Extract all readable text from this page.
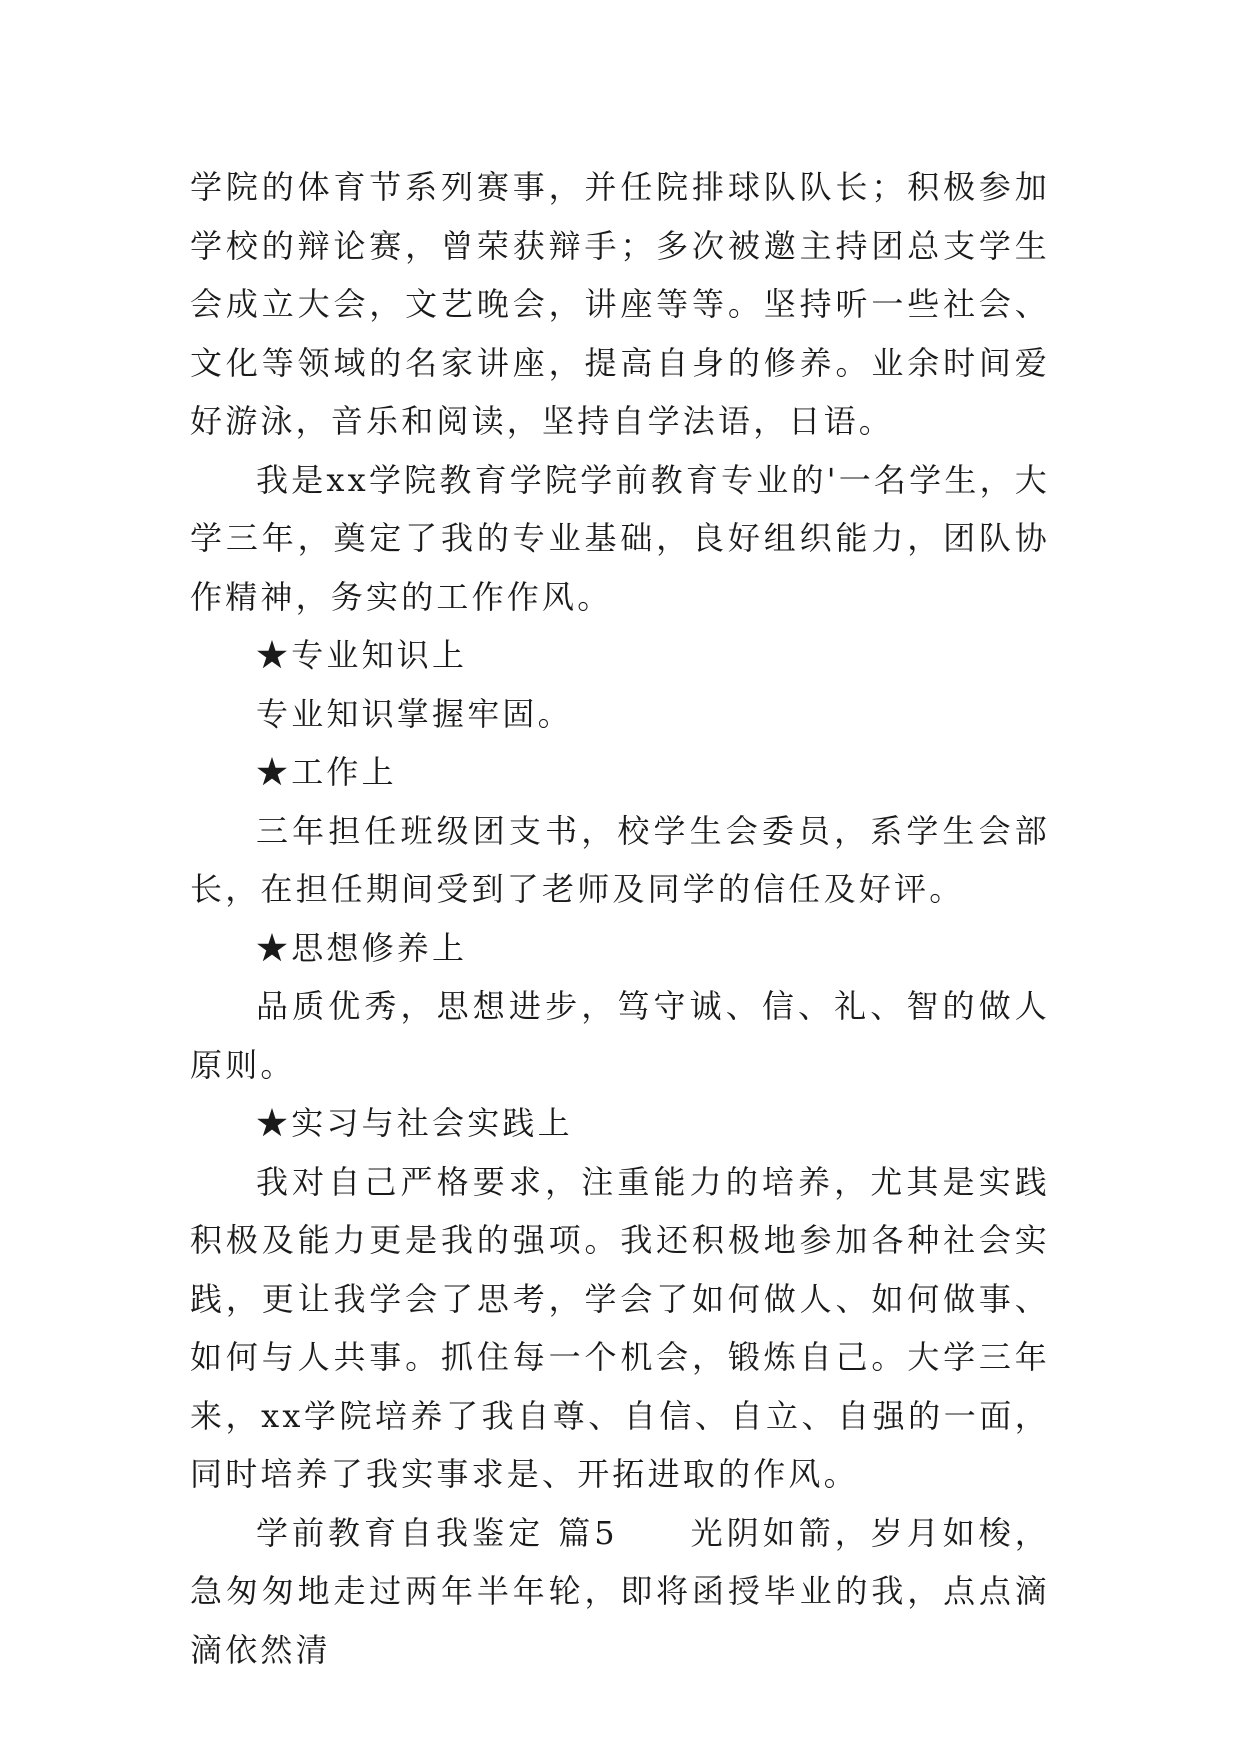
学院的体育节系列赛事，并任院排球队队长；积极参加学校的辩论赛，曾荣获辩手；多次被邀主持团总支学生会成立大会，文艺晚会，讲座等等。坚持听一些社会、文化等领域的名家讲座，提高自身的修养。业余时间爱好游泳，音乐和阅读，坚持自学法语，日语。

我是xx学院教育学院学前教育专业的'一名学生，大学三年，奠定了我的专业基础，良好组织能力，团队协作精神，务实的工作作风。

★专业知识上

专业知识掌握牢固。

★工作上

三年担任班级团支书，校学生会委员，系学生会部长，在担任期间受到了老师及同学的信任及好评。

★思想修养上

品质优秀，思想进步，笃守诚、信、礼、智的做人原则。

★实习与社会实践上

我对自己严格要求，注重能力的培养，尤其是实践积极及能力更是我的强项。我还积极地参加各种社会实践，更让我学会了思考，学会了如何做人、如何做事、如何与人共事。抓住每一个机会，锻炼自己。大学三年来，xx学院培养了我自尊、自信、自立、自强的一面，同时培养了我实事求是、开拓进取的作风。

学前教育自我鉴定 篇5　　光阴如箭，岁月如梭，急匆匆地走过两年半年轮，即将函授毕业的我，点点滴滴依然清
